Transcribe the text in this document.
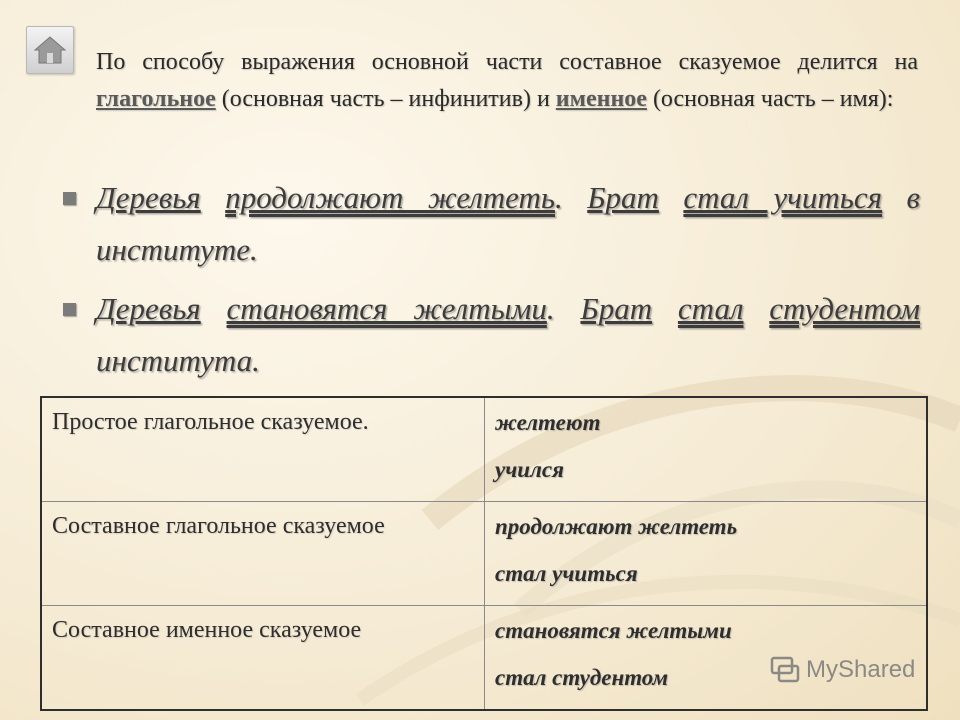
По способу выражения основной части составное сказуемое делится на глагольное (основная часть – инфинитив) и именное (основная часть – имя):
Деревья продолжают желтеть. Брат стал учиться в институте.
Деревья становятся желтыми. Брат стал студентом института.
Простое глагольное сказуемое.	желтеют
учился

Составное глагольное сказуемое	продолжают желтеть
стал учиться

Составное именное сказуемое	становятся желтыми
стал студентом	MyShared
